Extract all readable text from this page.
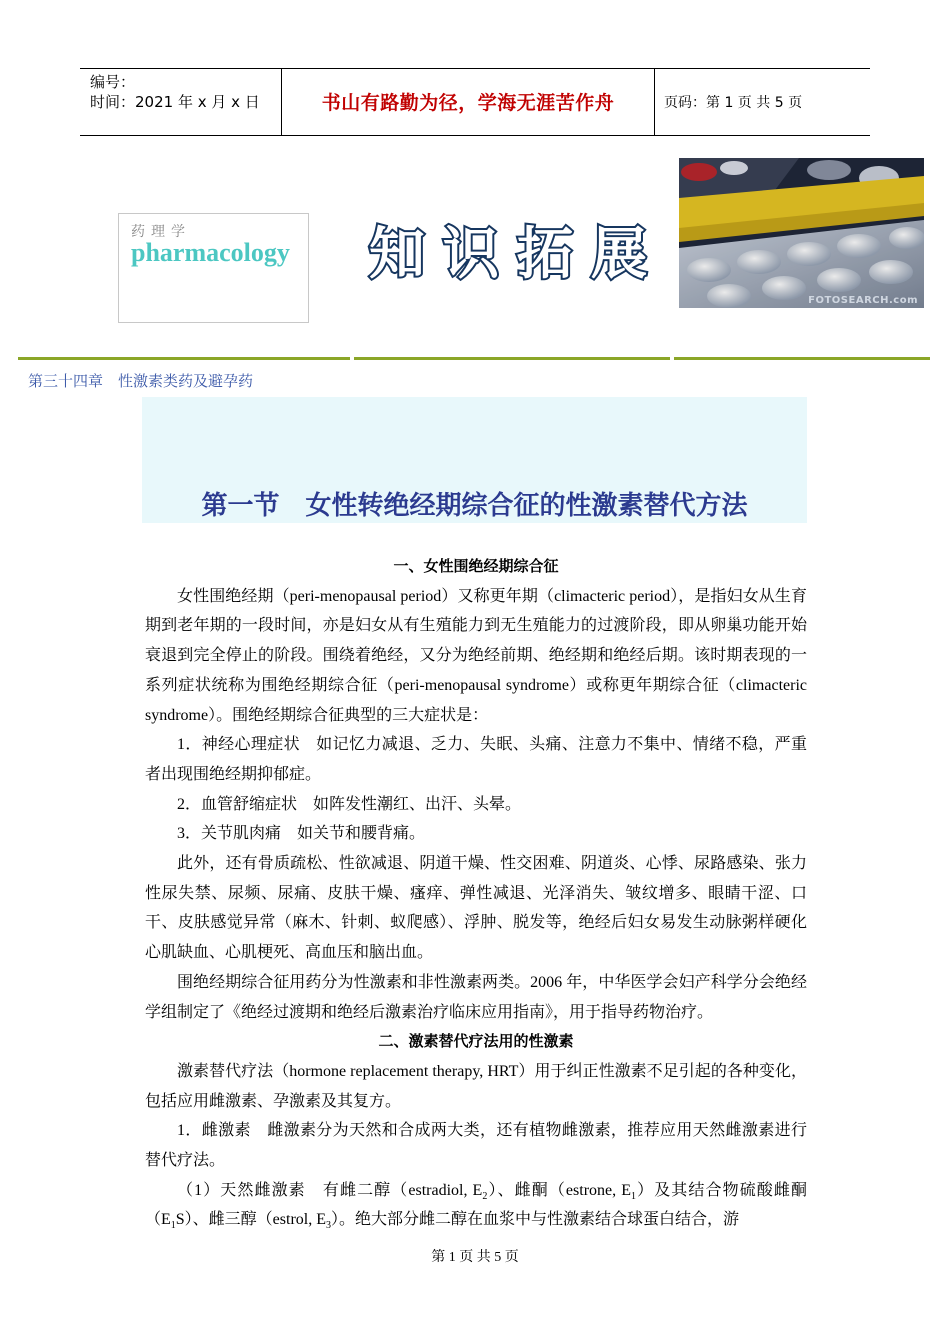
编号：
时间：2021 年 x 月 x 日	书山有路勤为径，学海无涯苦作舟	页码：第 1 页 共 5 页
药理学
pharmacology 知 识 拓 展
FOTOSEARCH.com
第三十四章　性激素类药及避孕药
第一节　女性转绝经期综合征的性激素替代方法
一、女性围绝经期综合征

女性围绝经期（peri-menopausal period）又称更年期（climacteric period），是指妇女从生育期到老年期的一段时间，亦是妇女从有生殖能力到无生殖能力的过渡阶段，即从卵巢功能开始衰退到完全停止的阶段。围绕着绝经，又分为绝经前期、绝经期和绝经后期。该时期表现的一系列症状统称为围绝经期综合征（peri-menopausal syndrome）或称更年期综合征（climacteric syndrome）。围绝经期综合征典型的三大症状是：

1．神经心理症状　如记忆力减退、乏力、失眠、头痛、注意力不集中、情绪不稳，严重者出现围绝经期抑郁症。

2．血管舒缩症状　如阵发性潮红、出汗、头晕。

3．关节肌肉痛　如关节和腰背痛。

此外，还有骨质疏松、性欲减退、阴道干燥、性交困难、阴道炎、心悸、尿路感染、张力性尿失禁、尿频、尿痛、皮肤干燥、瘙痒、弹性减退、光泽消失、皱纹增多、眼睛干涩、口干、皮肤感觉异常（麻木、针刺、蚁爬感）、浮肿、脱发等，绝经后妇女易发生动脉粥样硬化心肌缺血、心肌梗死、高血压和脑出血。

围绝经期综合征用药分为性激素和非性激素两类。2006 年，中华医学会妇产科学分会绝经学组制定了《绝经过渡期和绝经后激素治疗临床应用指南》，用于指导药物治疗。

二、激素替代疗法用的性激素

激素替代疗法（hormone replacement therapy, HRT）用于纠正性激素不足引起的各种变化，包括应用雌激素、孕激素及其复方。

1．雌激素　雌激素分为天然和合成两大类，还有植物雌激素，推荐应用天然雌激素进行替代疗法。

（1）天然雌激素　有雌二醇（estradiol, $E_2$）、雌酮（estrone, $E_1$）及其结合物硫酸雌酮$(E_1S)$、雌三醇（estrol, $E_3$）。绝大部分雌二醇在血浆中与性激素结合球蛋白结合，游

第 1 页 共 5 页
